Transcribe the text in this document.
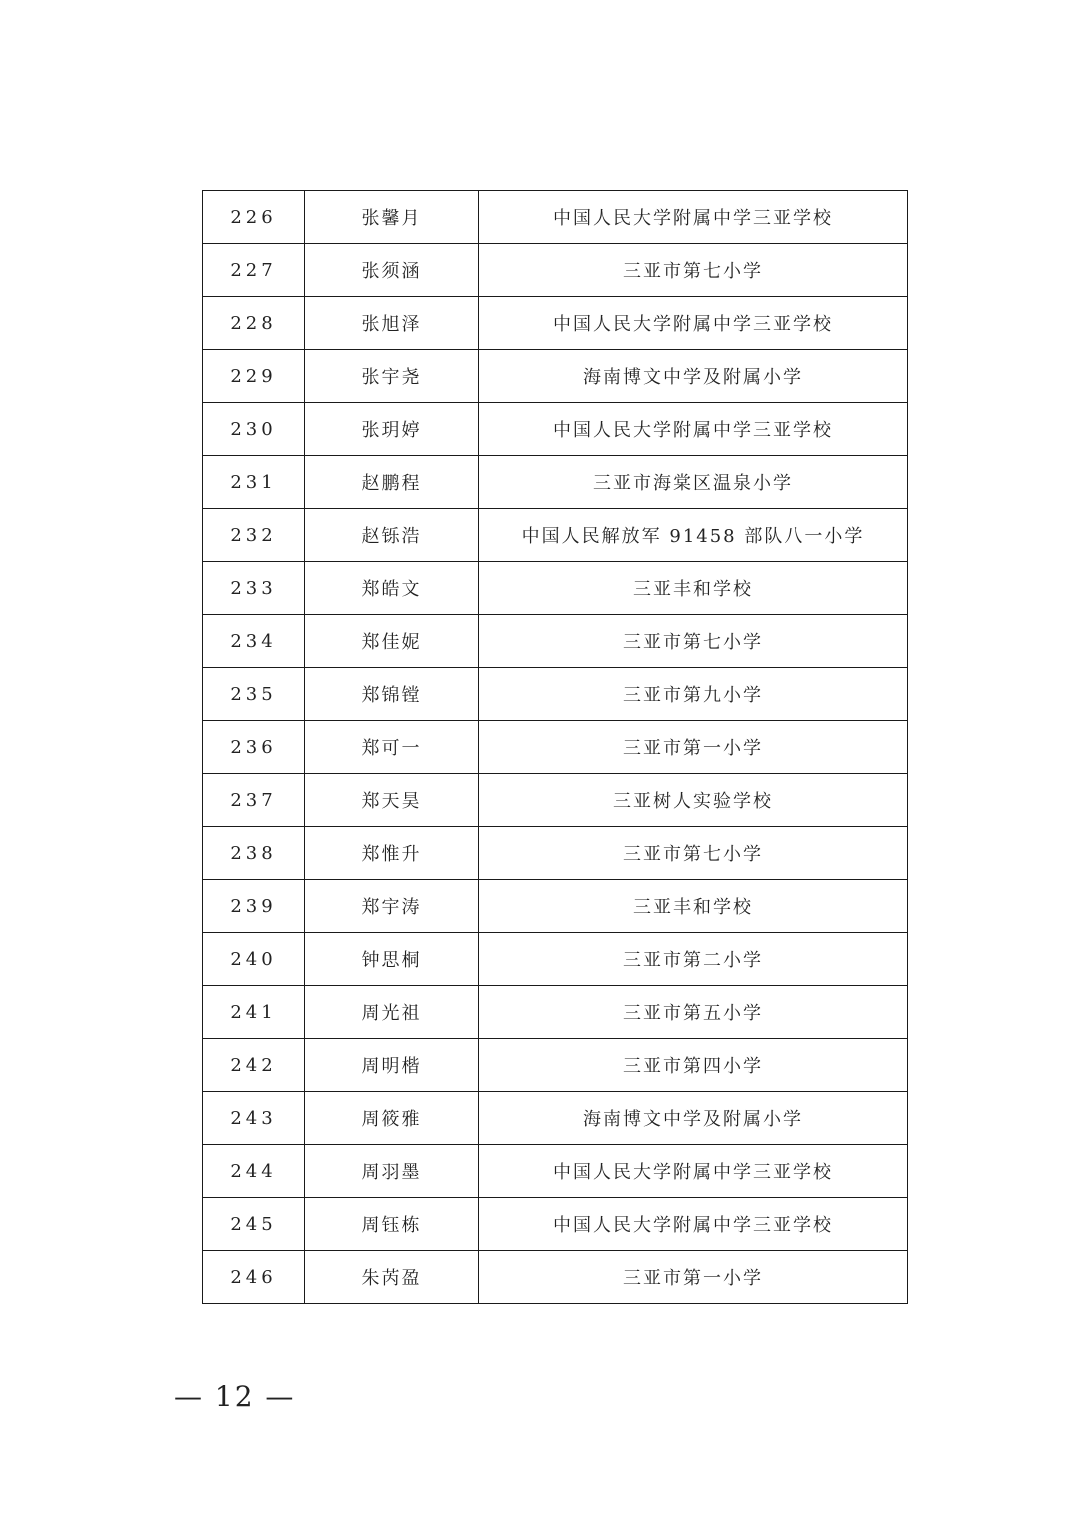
226	张馨月	中国人民大学附属中学三亚学校
227	张须涵	三亚市第七小学
228	张旭泽	中国人民大学附属中学三亚学校
229	张宇尧	海南博文中学及附属小学
230	张玥婷	中国人民大学附属中学三亚学校
231	赵鹏程	三亚市海棠区温泉小学
232	赵铄浩	中国人民解放军 91458 部队八一小学
233	郑皓文	三亚丰和学校
234	郑佳妮	三亚市第七小学
235	郑锦镗	三亚市第九小学
236	郑可一	三亚市第一小学
237	郑天昊	三亚树人实验学校
238	郑惟升	三亚市第七小学
239	郑宇涛	三亚丰和学校
240	钟思桐	三亚市第二小学
241	周光祖	三亚市第五小学
242	周明楷	三亚市第四小学
243	周筱雅	海南博文中学及附属小学
244	周羽墨	中国人民大学附属中学三亚学校
245	周钰栋	中国人民大学附属中学三亚学校
246	朱芮盈	三亚市第一小学
— 12 —
